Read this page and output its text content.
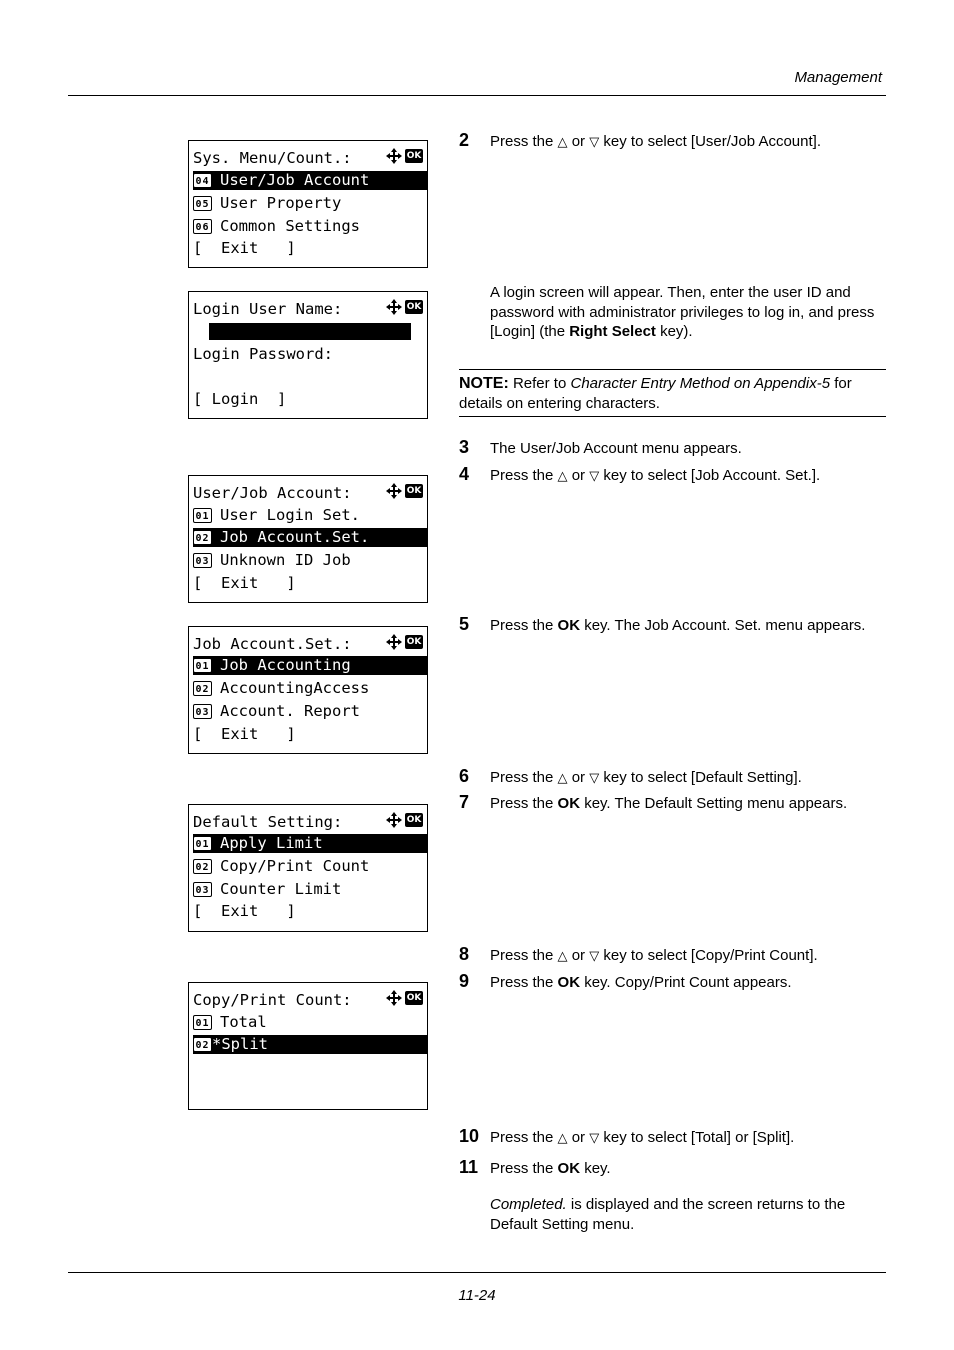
Management
Sys. Menu/Count.:	OK
04 User/Job Account
05 User Property
06 Common Settings
[  Exit   ]
Login User Name:	OK
Login Password:
[ Login  ]
User/Job Account:	OK
01 User Login Set.
02 Job Account.Set.
03 Unknown ID Job
[  Exit   ]
Job Account.Set.:	OK
01 Job Accounting
02 AccountingAccess
03 Account. Report
[  Exit   ]
Default Setting:	OK
01 Apply Limit
02 Copy/Print Count
03 Counter Limit
[  Exit   ]
Copy/Print Count:	OK
01 Total
02 *Split
2 Press the △ or ▽ key to select [User/Job Account].
A login screen will appear. Then, enter the user ID and password with administrator privileges to log in, and press [Login] (the Right Select key).
NOTE: Refer to Character Entry Method on Appendix-5 for details on entering characters.
3 The User/Job Account menu appears.
4 Press the △ or ▽ key to select [Job Account. Set.].
5 Press the OK key. The Job Account. Set. menu appears.
6 Press the △ or ▽ key to select [Default Setting].
7 Press the OK key. The Default Setting menu appears.
8 Press the △ or ▽ key to select [Copy/Print Count].
9 Press the OK key. Copy/Print Count appears.
10 Press the △ or ▽ key to select [Total] or [Split].
11 Press the OK key.
Completed. is displayed and the screen returns to the Default Setting menu.
11-24
